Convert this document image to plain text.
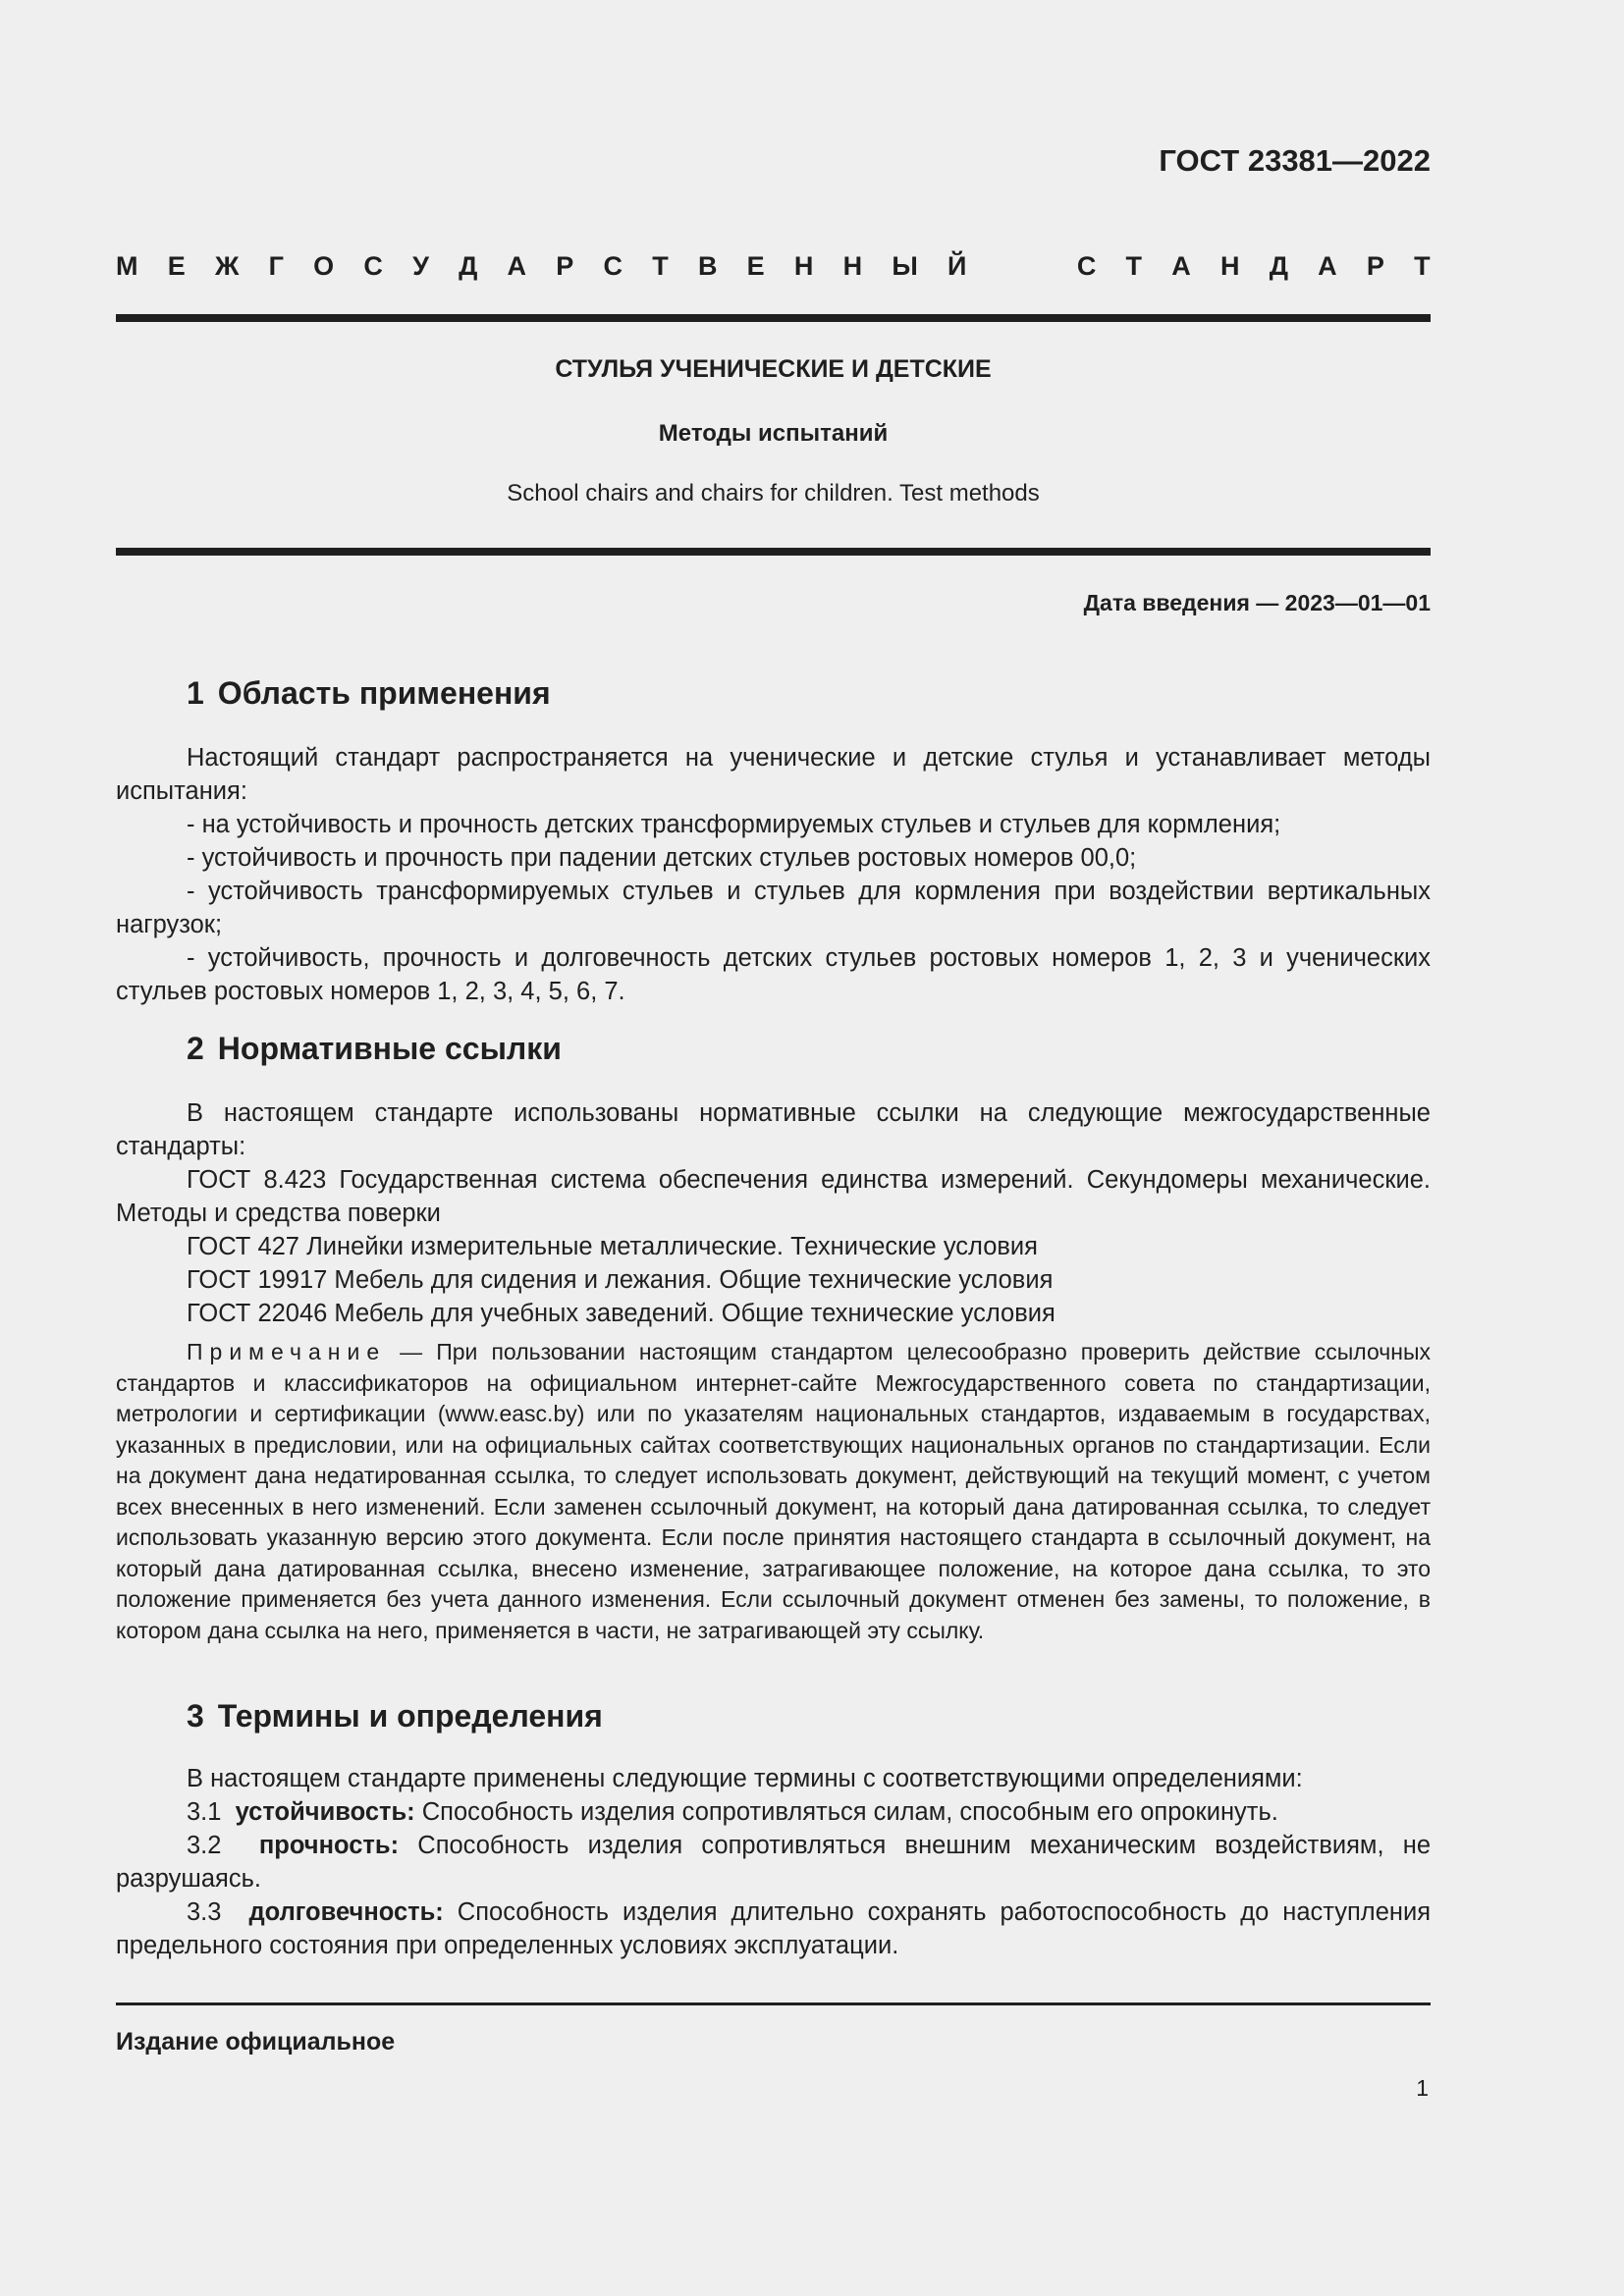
ГОСТ 23381—2022
М Е Ж Г О С У Д А Р С Т В Е Н Н Ы Й	С Т А Н Д А Р Т
СТУЛЬЯ УЧЕНИЧЕСКИЕ И ДЕТСКИЕ
Методы испытаний
School chairs and chairs for children. Test methods
Дата введения — 2023—01—01
1 Область применения

Настоящий стандарт распространяется на ученические и детские стулья и устанавливает методы испытания:

- на устойчивость и прочность детских трансформируемых стульев и стульев для кормления;

- устойчивость и прочность при падении детских стульев ростовых номеров 00,0;

- устойчивость трансформируемых стульев и стульев для кормления при воздействии вертикальных нагрузок;

- устойчивость, прочность и долговечность детских стульев ростовых номеров 1, 2, 3 и ученических стульев ростовых номеров 1, 2, 3, 4, 5, 6, 7.

2 Нормативные ссылки

В настоящем стандарте использованы нормативные ссылки на следующие межгосударственные стандарты:

ГОСТ 8.423 Государственная система обеспечения единства измерений. Секундомеры механические. Методы и средства поверки

ГОСТ 427 Линейки измерительные металлические. Технические условия

ГОСТ 19917 Мебель для сидения и лежания. Общие технические условия

ГОСТ 22046 Мебель для учебных заведений. Общие технические условия

Примечание — При пользовании настоящим стандартом целесообразно проверить действие ссылочных стандартов и классификаторов на официальном интернет-сайте Межгосударственного совета по стандартизации, метрологии и сертификации (www.easc.by) или по указателям национальных стандартов, издаваемым в государствах, указанных в предисловии, или на официальных сайтах соответствующих национальных органов по стандартизации. Если на документ дана недатированная ссылка, то следует использовать документ, действующий на текущий момент, с учетом всех внесенных в него изменений. Если заменен ссылочный документ, на который дана датированная ссылка, то следует использовать указанную версию этого документа. Если после принятия настоящего стандарта в ссылочный документ, на который дана датированная ссылка, внесено изменение, затрагивающее положение, на которое дана ссылка, то это положение применяется без учета данного изменения. Если ссылочный документ отменен без замены, то положение, в котором дана ссылка на него, применяется в части, не затрагивающей эту ссылку.

3 Термины и определения

В настоящем стандарте применены следующие термины с соответствующими определениями:

3.1 устойчивость: Способность изделия сопротивляться силам, способным его опрокинуть.

3.2 прочность: Способность изделия сопротивляться внешним механическим воздействиям, не разрушаясь.

3.3 долговечность: Способность изделия длительно сохранять работоспособность до наступления предельного состояния при определенных условиях эксплуатации.

Издание официальное
1
